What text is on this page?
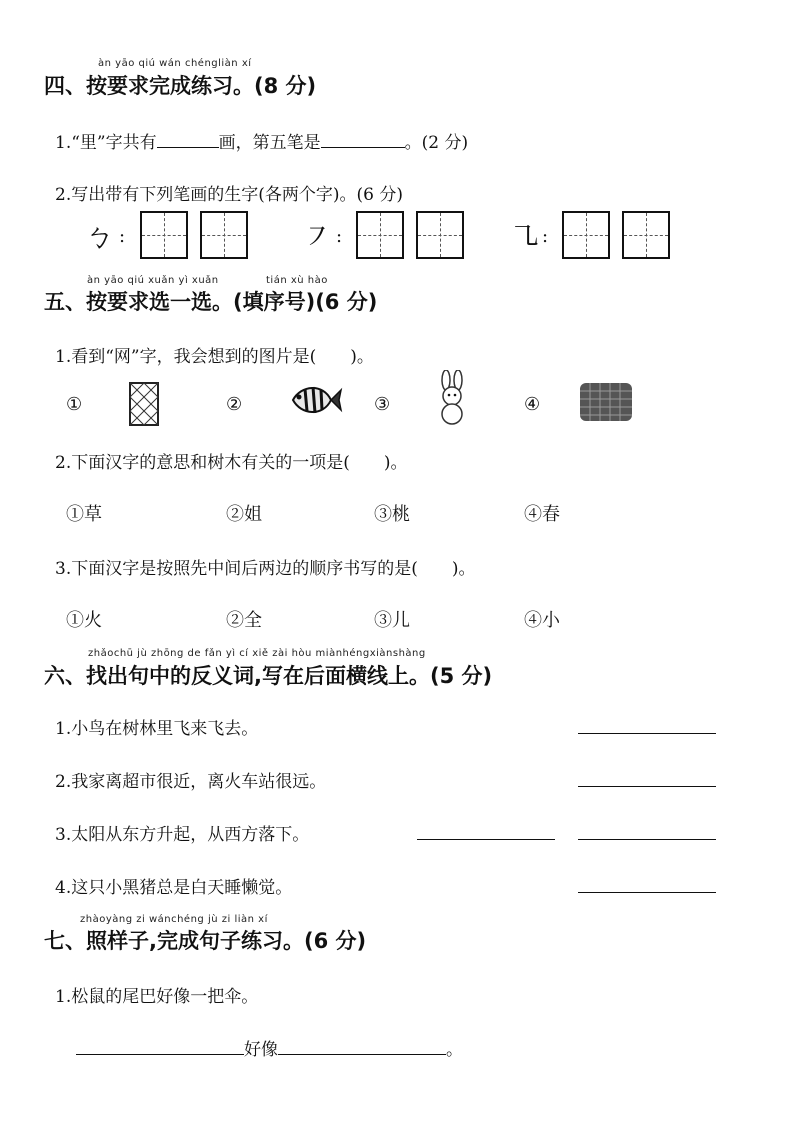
àn yāo qiú wán chéngliàn xí
四、按要求完成练习。(8 分)
1.“里”字共有	画，第五笔是	。(2 分)
2.写出带有下列笔画的生字(各两个字)。(6 分)
ㄅ :	㇇ :	㇈ :
àn yāo qiú xuǎn yì xuǎn	tián xù hào
五、按要求选一选。(填序号)(6 分)
1.看到“网”字，我会想到的图片是(　　)。
①	②	③	④
2.下面汉字的意思和树木有关的一项是(　　)。
①草	②姐	③桃	④春
3.下面汉字是按照先中间后两边的顺序书写的是(　　)。
①火	②全	③儿	④小
zhǎochū jù zhōng de fǎn yì cí xiě zài hòu miànhéngxiànshàng
六、找出句中的反义词,写在后面横线上。(5 分)
1.小鸟在树林里飞来飞去。
2.我家离超市很近，离火车站很远。
3.太阳从东方升起，从西方落下。
4.这只小黑猪总是白天睡懒觉。
zhàoyàng zi wánchéng jù zi liàn xí
七、照样子,完成句子练习。(6 分)
1.松鼠的尾巴好像一把伞。
好像	。
